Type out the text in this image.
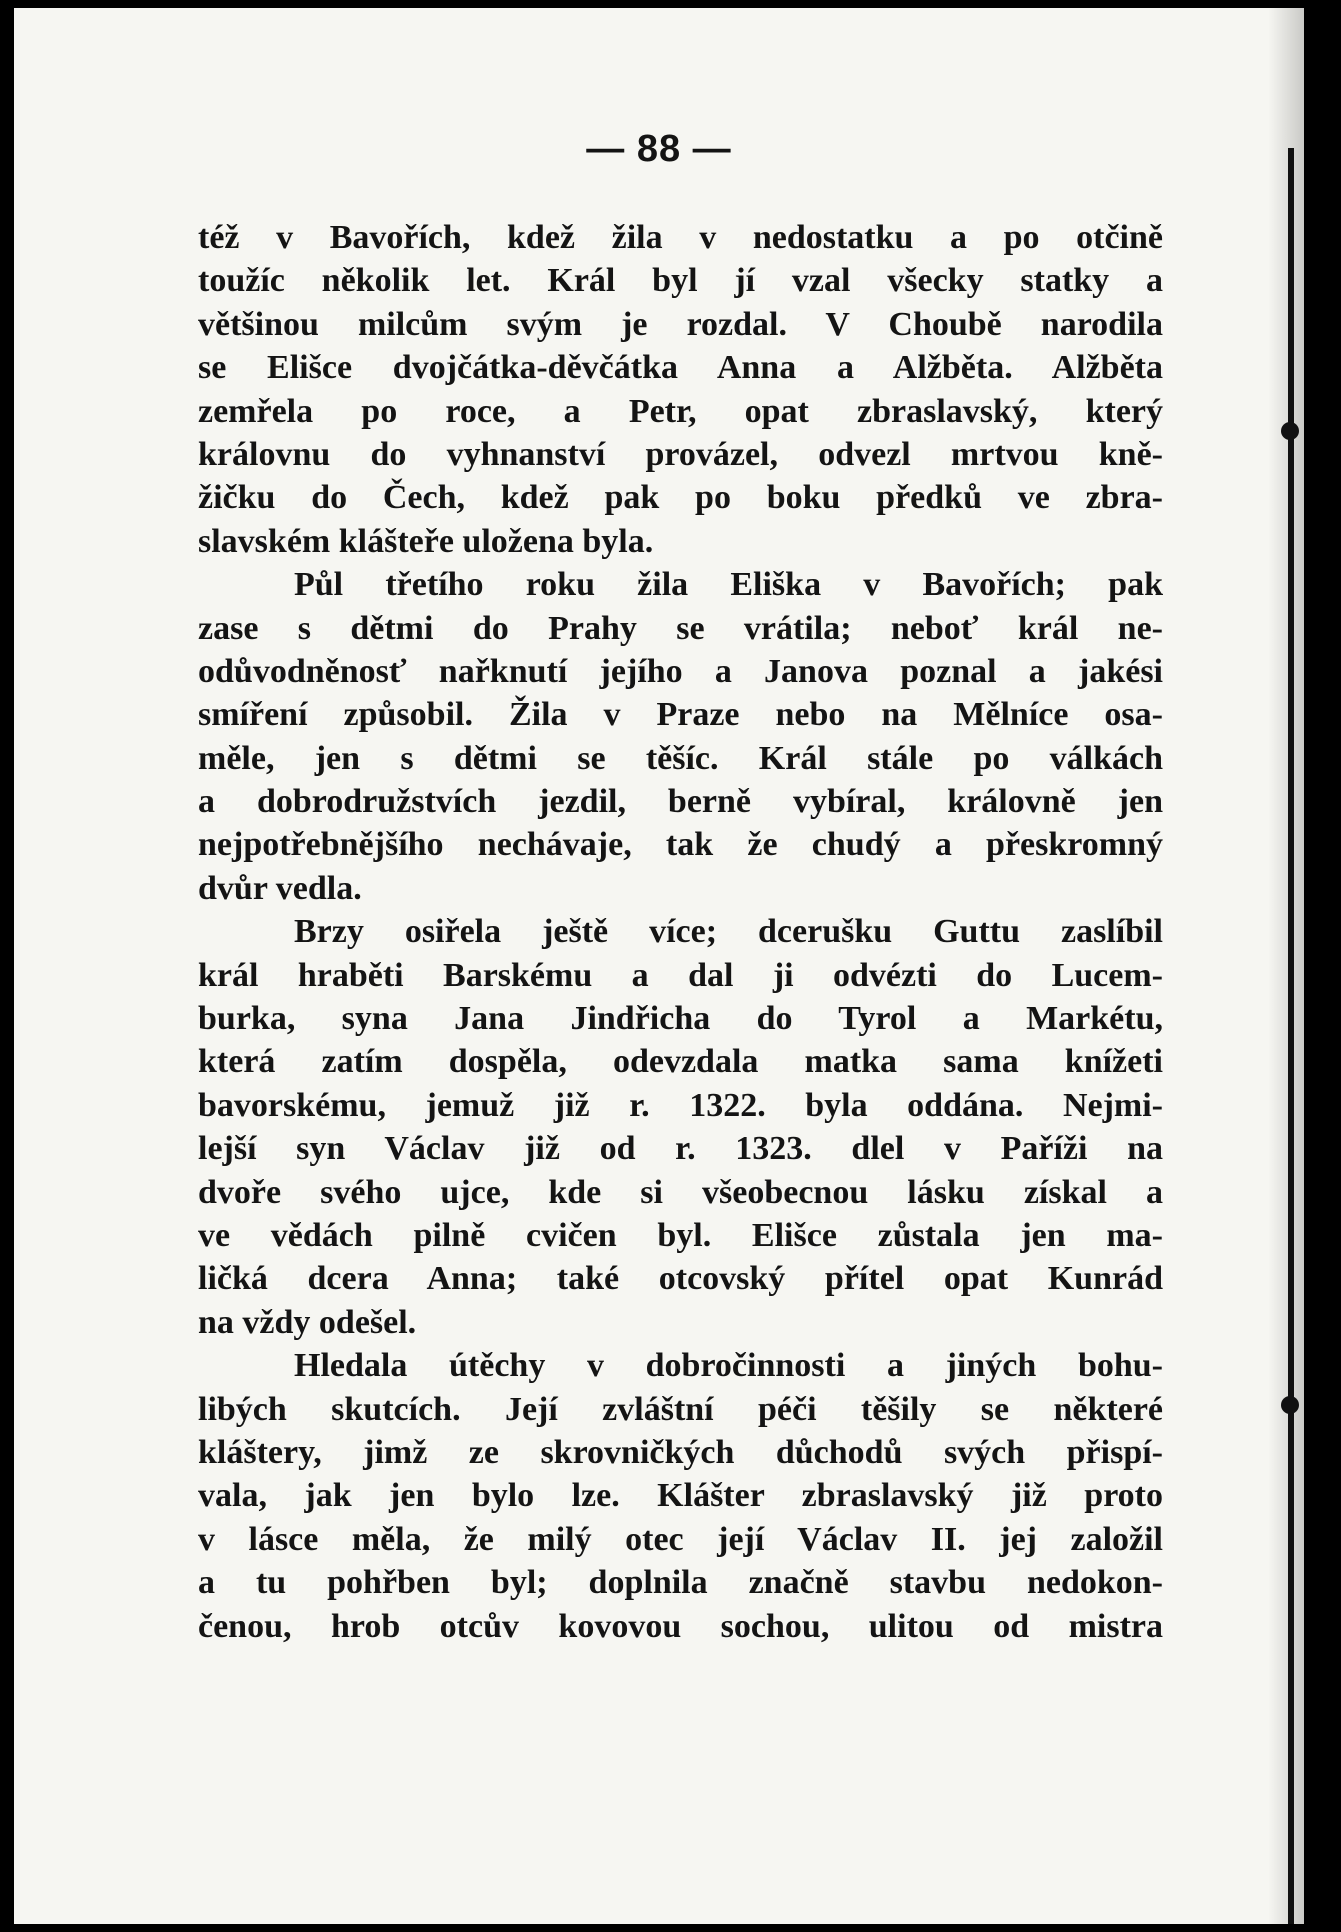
— 88 —
též v Bavořích, kdež žila v nedostatku a po otčině
toužíc několik let. Král byl jí vzal všecky statky a
většinou milcům svým je rozdal. V Choubě narodila
se Elišce dvojčátka-děvčátka Anna a Alžběta. Alžběta
zemřela po roce, a Petr, opat zbraslavský, který
královnu do vyhnanství provázel, odvezl mrtvou kně-
žičku do Čech, kdež pak po boku předků ve zbra-
slavském klášteře uložena byla.
Půl třetího roku žila Eliška v Bavořích; pak
zase s dětmi do Prahy se vrátila; neboť král ne-
odůvodněnosť nařknutí jejího a Janova poznal a jakési
smíření způsobil. Žila v Praze nebo na Mělníce osa-
měle, jen s dětmi se těšíc. Král stále po válkách
a dobrodružstvích jezdil, berně vybíral, královně jen
nejpotřebnějšího nechávaje, tak že chudý a přeskromný
dvůr vedla.
Brzy osiřela ještě více; dcerušku Guttu zaslíbil
král hraběti Barskému a dal ji odvézti do Lucem-
burka, syna Jana Jindřicha do Tyrol a Markétu,
která zatím dospěla, odevzdala matka sama knížeti
bavorskému, jemuž již r. 1322. byla oddána. Nejmi-
lejší syn Václav již od r. 1323. dlel v Paříži na
dvoře svého ujce, kde si všeobecnou lásku získal a
ve vědách pilně cvičen byl. Elišce zůstala jen ma-
ličká dcera Anna; také otcovský přítel opat Kunrád
na vždy odešel.
Hledala útěchy v dobročinnosti a jiných bohu-
libých skutcích. Její zvláštní péči těšily se některé
kláštery, jimž ze skrovničkých důchodů svých přispí-
vala, jak jen bylo lze. Klášter zbraslavský již proto
v lásce měla, že milý otec její Václav II. jej založil
a tu pohřben byl; doplnila značně stavbu nedokon-
čenou, hrob otcův kovovou sochou, ulitou od mistra
